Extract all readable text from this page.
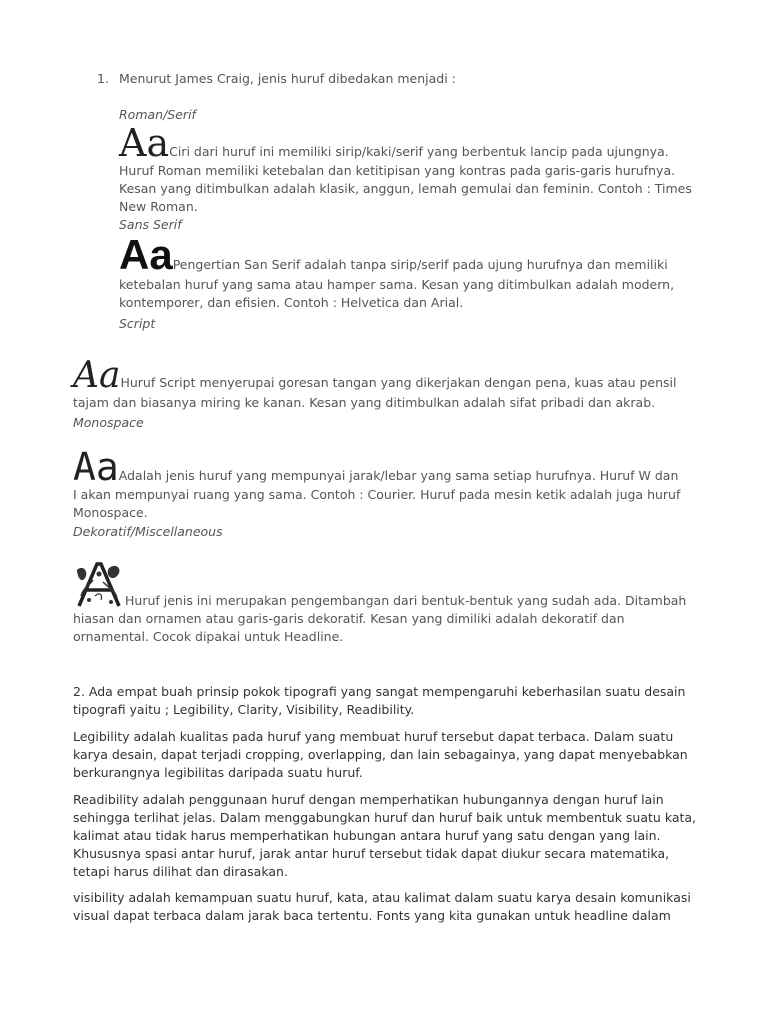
1. Menurut James Craig, jenis huruf dibedakan menjadi :
Roman/Serif
AaCiri dari huruf ini memiliki sirip/kaki/serif yang berbentuk lancip pada ujungnya. Huruf Roman memiliki ketebalan dan ketitipisan yang kontras pada garis-garis hurufnya. Kesan yang ditimbulkan adalah klasik, anggun, lemah gemulai dan feminin. Contoh : Times New Roman.
Sans Serif
AaPengertian San Serif adalah tanpa sirip/serif pada ujung hurufnya dan memiliki ketebalan huruf yang sama atau hamper sama. Kesan yang ditimbulkan adalah modern, kontemporer, dan efisien. Contoh : Helvetica dan Arial.
Script
AaHuruf Script menyerupai goresan tangan yang dikerjakan dengan pena, kuas atau pensil tajam dan biasanya miring ke kanan. Kesan yang ditimbulkan adalah sifat pribadi dan akrab.
Monospace
AaAdalah jenis huruf yang mempunyai jarak/lebar yang sama setiap hurufnya. Huruf W dan I akan mempunyai ruang yang sama. Contoh : Courier. Huruf pada mesin ketik adalah juga huruf Monospace.
Dekoratif/Miscellaneous
Huruf jenis ini merupakan pengembangan dari bentuk-bentuk yang sudah ada. Ditambah hiasan dan ornamen atau garis-garis dekoratif. Kesan yang dimiliki adalah dekoratif dan ornamental. Cocok dipakai untuk Headline.
2. Ada empat buah prinsip pokok tipografi yang sangat mempengaruhi keberhasilan suatu desain tipografi yaitu ; Legibility, Clarity, Visibility, Readibility.
Legibility adalah kualitas pada huruf yang membuat huruf tersebut dapat terbaca. Dalam suatu karya desain, dapat terjadi cropping, overlapping, dan lain sebagainya, yang dapat menyebabkan berkurangnya legibilitas daripada suatu huruf.
Readibility adalah penggunaan huruf dengan memperhatikan hubungannya dengan huruf lain sehingga terlihat jelas. Dalam menggabungkan huruf dan huruf baik untuk membentuk suatu kata, kalimat atau tidak harus memperhatikan hubungan antara huruf yang satu dengan yang lain. Khususnya spasi antar huruf, jarak antar huruf tersebut tidak dapat diukur secara matematika, tetapi harus dilihat dan dirasakan.
visibility adalah kemampuan suatu huruf, kata, atau kalimat dalam suatu karya desain komunikasi visual dapat terbaca dalam jarak baca tertentu. Fonts yang kita gunakan untuk headline dalam
